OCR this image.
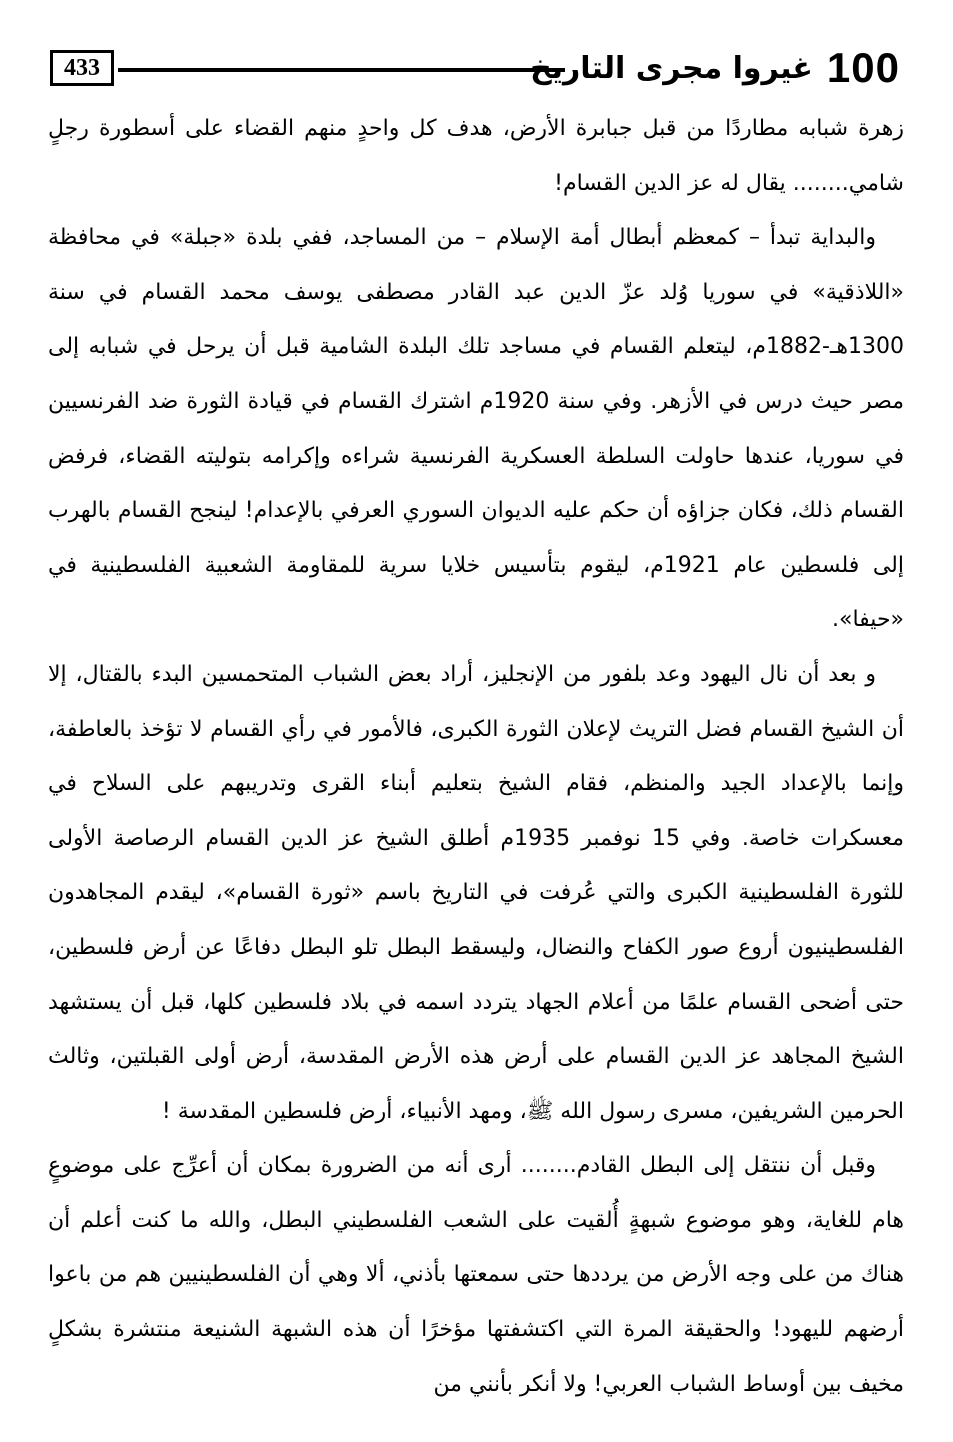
433	100
غيروا مجرى التاريخ

زهرة شبابه مطاردًا من قبل جبابرة الأرض، هدف كل واحدٍ منهم القضاء على أسطورة رجلٍ شامي........ يقال له عز الدين القسام!

والبداية تبدأ – كمعظم أبطال أمة الإسلام – من المساجد، ففي بلدة «جبلة» في محافظة «اللاذقية» في سوريا وُلد عزّ الدين عبد القادر مصطفى يوسف محمد القسام في سنة 1300هـ-1882م، ليتعلم القسام في مساجد تلك البلدة الشامية قبل أن يرحل في شبابه إلى مصر حيث درس في الأزهر. وفي سنة 1920م اشترك القسام في قيادة الثورة ضد الفرنسيين في سوريا، عندها حاولت السلطة العسكرية الفرنسية شراءه وإكرامه بتوليته القضاء، فرفض القسام ذلك، فكان جزاؤه أن حكم عليه الديوان السوري العرفي بالإعدام! لينجح القسام بالهرب إلى فلسطين عام 1921م، ليقوم بتأسيس خلايا سرية للمقاومة الشعبية الفلسطينية في «حيفا».

و بعد أن نال اليهود وعد بلفور من الإنجليز، أراد بعض الشباب المتحمسين البدء بالقتال، إلا أن الشيخ القسام فضل التريث لإعلان الثورة الكبرى، فالأمور في رأي القسام لا تؤخذ بالعاطفة، وإنما بالإعداد الجيد والمنظم، فقام الشيخ بتعليم أبناء القرى وتدريبهم على السلاح في معسكرات خاصة. وفي 15 نوفمبر 1935م أطلق الشيخ عز الدين القسام الرصاصة الأولى للثورة الفلسطينية الكبرى والتي عُرفت في التاريخ باسم «ثورة القسام»، ليقدم المجاهدون الفلسطينيون أروع صور الكفاح والنضال، وليسقط البطل تلو البطل دفاعًا عن أرض فلسطين، حتى أضحى القسام علمًا من أعلام الجهاد يتردد اسمه في بلاد فلسطين كلها، قبل أن يستشهد الشيخ المجاهد عز الدين القسام على أرض هذه الأرض المقدسة، أرض أولى القبلتين، وثالث الحرمين الشريفين، مسرى رسول الله ﷺ، ومهد الأنبياء، أرض فلسطين المقدسة !

وقبل أن ننتقل إلى البطل القادم........ أرى أنه من الضرورة بمكان أن أعرِّج على موضوعٍ هام للغاية، وهو موضوع شبهةٍ أُلقيت على الشعب الفلسطيني البطل، والله ما كنت أعلم أن هناك من على وجه الأرض من يرددها حتى سمعتها بأذني، ألا وهي أن الفلسطينيين هم من باعوا أرضهم لليهود! والحقيقة المرة التي اكتشفتها مؤخرًا أن هذه الشبهة الشنيعة منتشرة بشكلٍ مخيف بين أوساط الشباب العربي! ولا أنكر بأنني من
